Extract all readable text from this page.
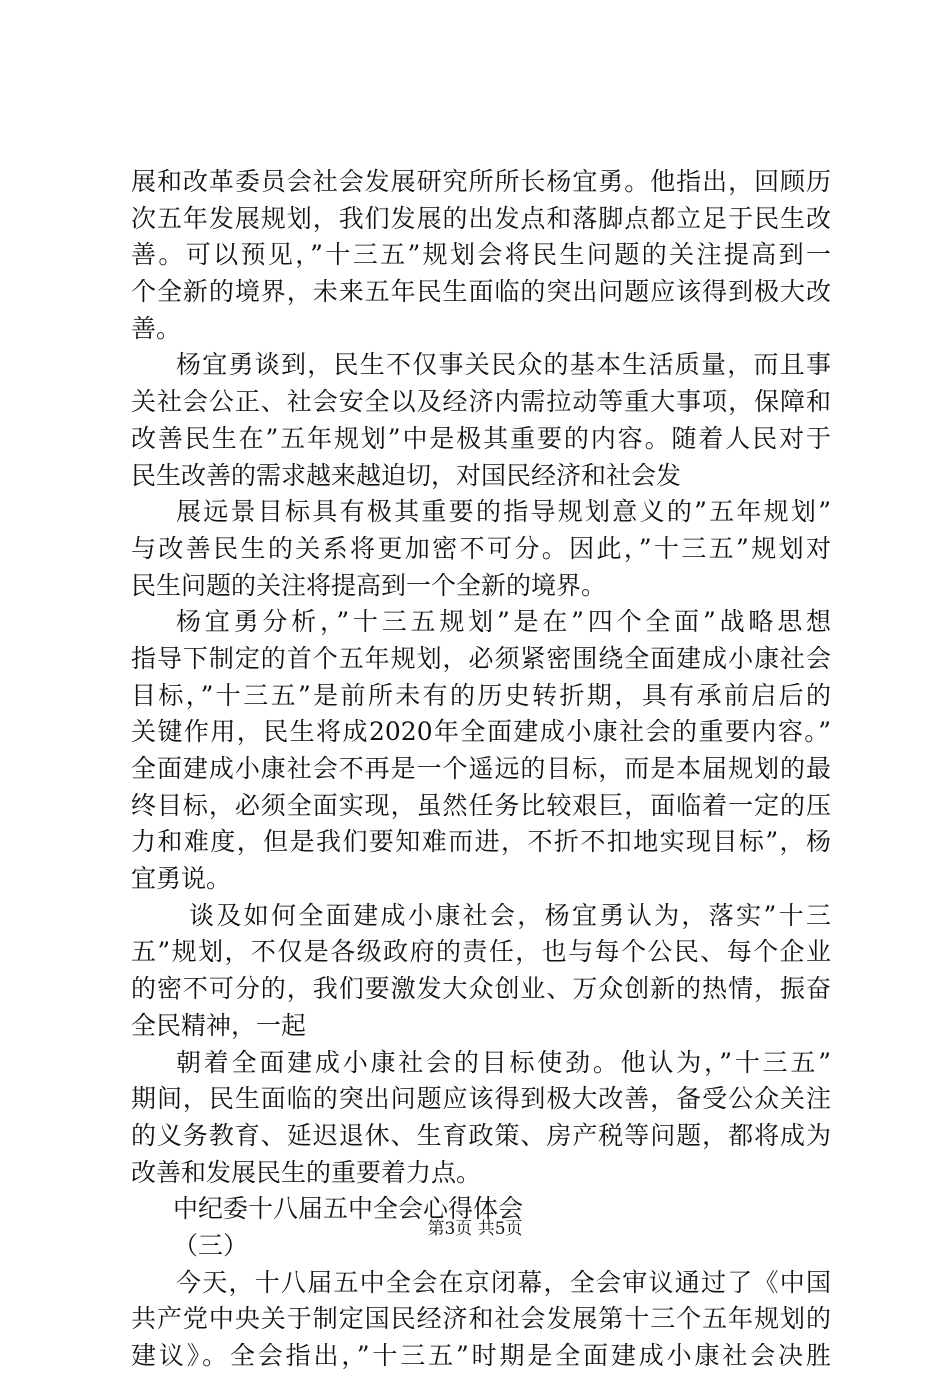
展和改革委员会社会发展研究所所长杨宜勇。他指出，回顾历
次五年发展规划，我们发展的出发点和落脚点都立足于民生改
善。可以预见，”十三五”规划会将民生问题的关注提高到一
个全新的境界，未来五年民生面临的突出问题应该得到极大改
善。
杨宜勇谈到，民生不仅事关民众的基本生活质量，而且事
关社会公正、社会安全以及经济内需拉动等重大事项，保障和
改善民生在”五年规划”中是极其重要的内容。随着人民对于
民生改善的需求越来越迫切，对国民经济和社会发
展远景目标具有极其重要的指导规划意义的”五年规划”
与改善民生的关系将更加密不可分。因此，”十三五”规划对
民生问题的关注将提高到一个全新的境界。
杨宜勇分析，”十三五规划”是在”四个全面”战略思想
指导下制定的首个五年规划，必须紧密围绕全面建成小康社会
目标，”十三五”是前所未有的历史转折期，具有承前启后的
关键作用，民生将成2020年全面建成小康社会的重要内容。”
全面建成小康社会不再是一个遥远的目标，而是本届规划的最
终目标，必须全面实现，虽然任务比较艰巨，面临着一定的压
力和难度，但是我们要知难而进，不折不扣地实现目标”，杨
宜勇说。
谈及如何全面建成小康社会，杨宜勇认为，落实”十三
五”规划，不仅是各级政府的责任，也与每个公民、每个企业
的密不可分的，我们要激发大众创业、万众创新的热情，振奋
全民精神，一起
朝着全面建成小康社会的目标使劲。他认为，”十三五”
期间，民生面临的突出问题应该得到极大改善，备受公众关注
的义务教育、延迟退休、生育政策、房产税等问题，都将成为
改善和发展民生的重要着力点。
中纪委十八届五中全会心得体会
（三）
今天，十八届五中全会在京闭幕，全会审议通过了《中国
共产党中央关于制定国民经济和社会发展第十三个五年规划的
建议》。全会指出，”十三五”时期是全面建成小康社会决胜
第3页 共5页
